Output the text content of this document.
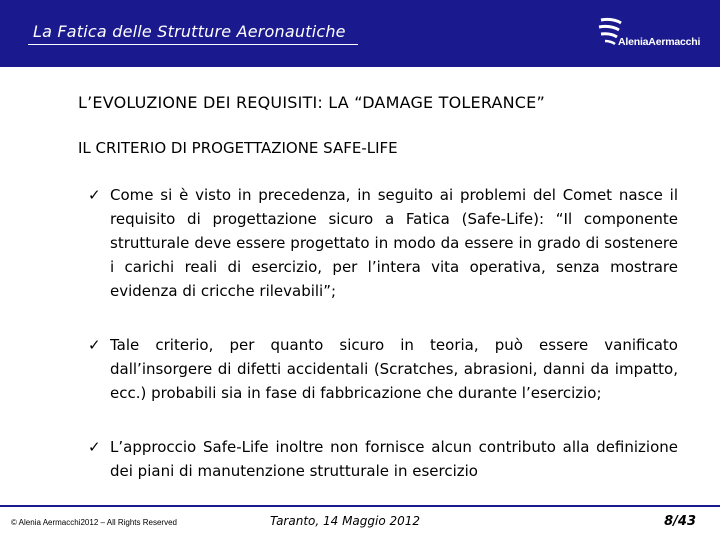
La Fatica delle Strutture Aeronautiche
AleniaAermacchi
L’EVOLUZIONE DEI REQUISITI: LA “DAMAGE TOLERANCE”
IL CRITERIO DI PROGETTAZIONE SAFE-LIFE
✓ Come si è visto in precedenza, in seguito ai problemi del Comet nasce il requisito di progettazione sicuro a Fatica (Safe-Life): “Il componente strutturale deve essere progettato in modo da essere in grado di sostenere i carichi reali di esercizio, per l’intera vita operativa, senza mostrare evidenza di cricche rilevabili”;
✓ Tale criterio, per quanto sicuro in teoria, può essere vanificato dall’insorgere di difetti accidentali (Scratches, abrasioni, danni da impatto, ecc.) probabili sia in fase di fabbricazione che durante l’esercizio;
✓ L’approccio Safe-Life inoltre non fornisce alcun contributo alla definizione dei piani di manutenzione strutturale in esercizio
© Alenia Aermacchi2012 – All Rights Reserved	Taranto, 14 Maggio 2012	8/43
